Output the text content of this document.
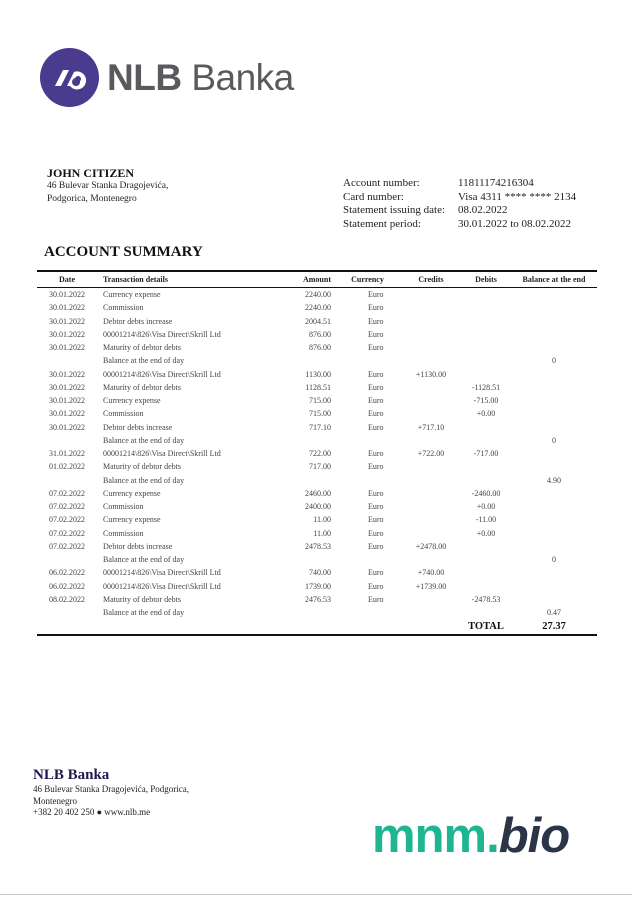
NLB Banka
JOHN CITIZEN
46 Bulevar Stanka Dragojevića,
Podgorica, Montenegro
Account number:	11811174216304
Card number:	Visa 4311 **** **** 2134
Statement issuing date:	08.02.2022
Statement period:	30.01.2022 to 08.02.2022
ACCOUNT SUMMARY
Date	Transaction details	Amount	Currency	Credits	Debits	Balance at the end
30.01.2022	Currency expense	2240.00	Euro			
30.01.2022	Commission	2240.00	Euro			
30.01.2022	Debtor debts increase	2004.51	Euro			
30.01.2022	00001214\826\Visa Direct\Skrill Ltd	876.00	Euro			
30.01.2022	Maturity of debtor debts	876.00	Euro			
	Balance at the end of day					0
30.01.2022	00001214\826\Visa Direct\Skrill Ltd	1130.00	Euro	+1130.00		
30.01.2022	Maturity of debtor debts	1128.51	Euro		-1128.51	
30.01.2022	Currency expense	715.00	Euro		-715.00	
30.01.2022	Commission	715.00	Euro		+0.00	
30.01.2022	Debtor debts increase	717.10	Euro	+717.10		
	Balance at the end of day					0
31.01.2022	00001214\826\Visa Direct\Skrill Ltd	722.00	Euro	+722.00	-717.00	
01.02.2022	Maturity of debtor debts	717.00	Euro			
	Balance at the end of day					4.90
07.02.2022	Currency expense	2460.00	Euro		-2460.00	
07.02.2022	Commission	2400.00	Euro		+0.00	
07.02.2022	Currency expense	11.00	Euro		-11.00	
07.02.2022	Commission	11.00	Euro		+0.00	
07.02.2022	Debtor debts increase	2478.53	Euro	+2478.00		
	Balance at the end of day					0
06.02.2022	00001214\826\Visa Direct\Skrill Ltd	740.00	Euro	+740.00		
06.02.2022	00001214\826\Visa Direct\Skrill Ltd	1739.00	Euro	+1739.00		
08.02.2022	Maturity of debtor debts	2476.53	Euro		-2478.53	
	Balance at the end of day					0.47
					TOTAL	27.37
NLB Banka
46 Bulevar Stanka Dragojevića, Podgorica,
Montenegro
+382 20 402 250 ● www.nlb.me	mnm.bio
